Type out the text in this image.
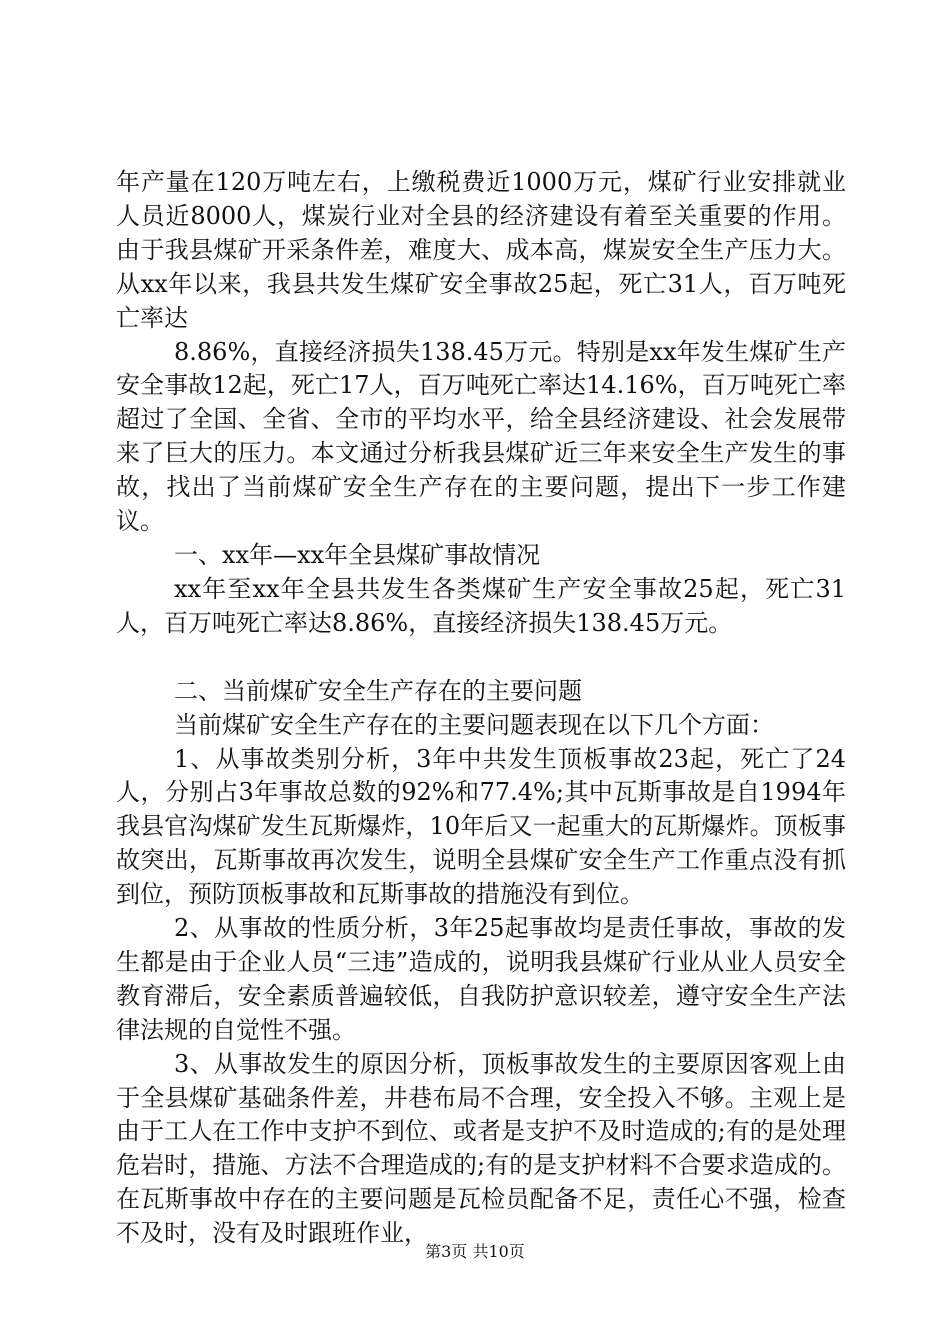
年产量在120万吨左右，上缴税费近1000万元，煤矿行业安排就业人员近8000人，煤炭行业对全县的经济建设有着至关重要的作用。由于我县煤矿开采条件差，难度大、成本高，煤炭安全生产压力大。从xx年以来，我县共发生煤矿安全事故25起，死亡31人，百万吨死亡率达

8.86%，直接经济损失138.45万元。特别是xx年发生煤矿生产安全事故12起，死亡17人，百万吨死亡率达14.16%，百万吨死亡率超过了全国、全省、全市的平均水平，给全县经济建设、社会发展带来了巨大的压力。本文通过分析我县煤矿近三年来安全生产发生的事故，找出了当前煤矿安全生产存在的主要问题，提出下一步工作建议。

一、xx年—xx年全县煤矿事故情况

xx年至xx年全县共发生各类煤矿生产安全事故25起，死亡31人，百万吨死亡率达8.86%，直接经济损失138.45万元。

二、当前煤矿安全生产存在的主要问题

当前煤矿安全生产存在的主要问题表现在以下几个方面：

1、从事故类别分析，3年中共发生顶板事故23起，死亡了24人，分别占3年事故总数的92%和77.4%;其中瓦斯事故是自1994年我县官沟煤矿发生瓦斯爆炸，10年后又一起重大的瓦斯爆炸。顶板事故突出，瓦斯事故再次发生，说明全县煤矿安全生产工作重点没有抓到位，预防顶板事故和瓦斯事故的措施没有到位。

2、从事故的性质分析，3年25起事故均是责任事故，事故的发生都是由于企业人员“三违”造成的，说明我县煤矿行业从业人员安全教育滞后，安全素质普遍较低，自我防护意识较差，遵守安全生产法律法规的自觉性不强。

3、从事故发生的原因分析，顶板事故发生的主要原因客观上由于全县煤矿基础条件差，井巷布局不合理，安全投入不够。主观上是由于工人在工作中支护不到位、或者是支护不及时造成的;有的是处理危岩时，措施、方法不合理造成的;有的是支护材料不合要求造成的。在瓦斯事故中存在的主要问题是瓦检员配备不足，责任心不强，检查不及时，没有及时跟班作业，

第3页 共10页
